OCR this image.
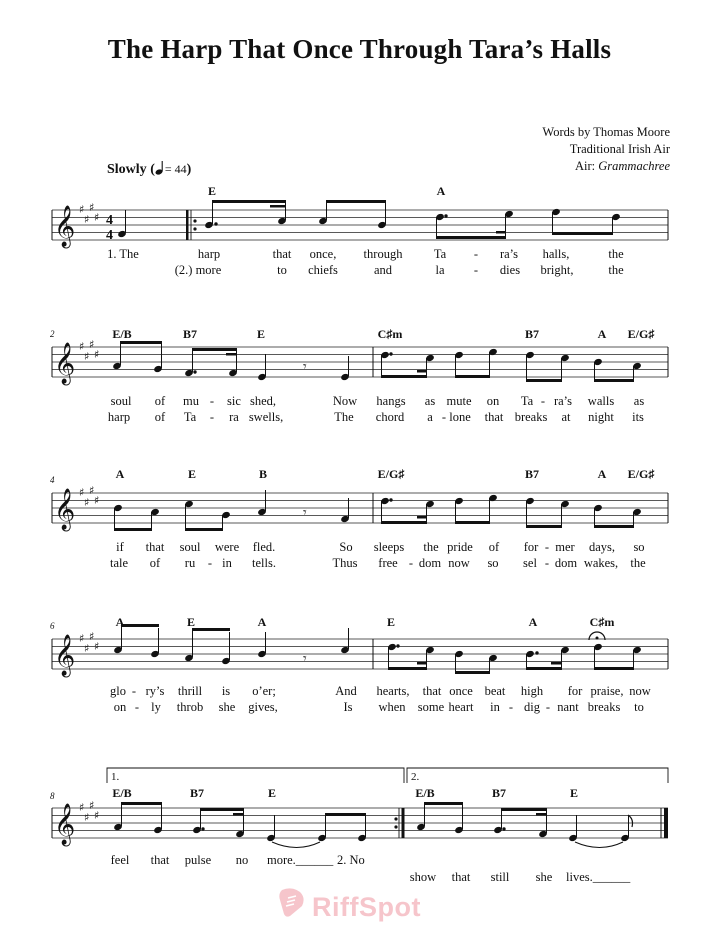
The Harp That Once Through Tara’s Halls
Words by Thomas Moore
Traditional Irish Air
Air: Grammachree
Slowly ( = 44)
2
4
6
8
1.	2.
𝄞
𝄞
𝄞
𝄞
𝄞
♯
♯
♯
♯
♯
♯
♯
♯
♯
♯
♯
♯
♯
♯
♯
♯
♯
♯
♯
♯
4
4
𝄾
𝄾
𝄾
E	A
E/B	B7	E	C♯m	B7	A E/G♯
A	E	B	E/G♯	B7	A E/G♯
A	E	A	E	A	C♯m
E/B	B7	E	E/B	B7	E
1. The	harp	that once, through	Ta - ra’s halls,	the
(2.) more	to chiefs	and	la - dies bright,	the
soul of mu - sic shed,	Now hangs as mute on Ta - ra’s walls as
harp of Ta - ra swells,	The chord a - lone that breaks at night its
if that soul were fled.	So sleeps the pride of for - mer days, so
tale of ru - in tells.	Thus free - dom now so sel - dom wakes, the
glo - ry’s thrill is o’er;	And hearts, that once beat high for praise, now
on - ly throb she gives,	Is when some heart in - dig - nant breaks to
feel that pulse no more.______ 2. No
show that still she lives.______
RiffSpot
